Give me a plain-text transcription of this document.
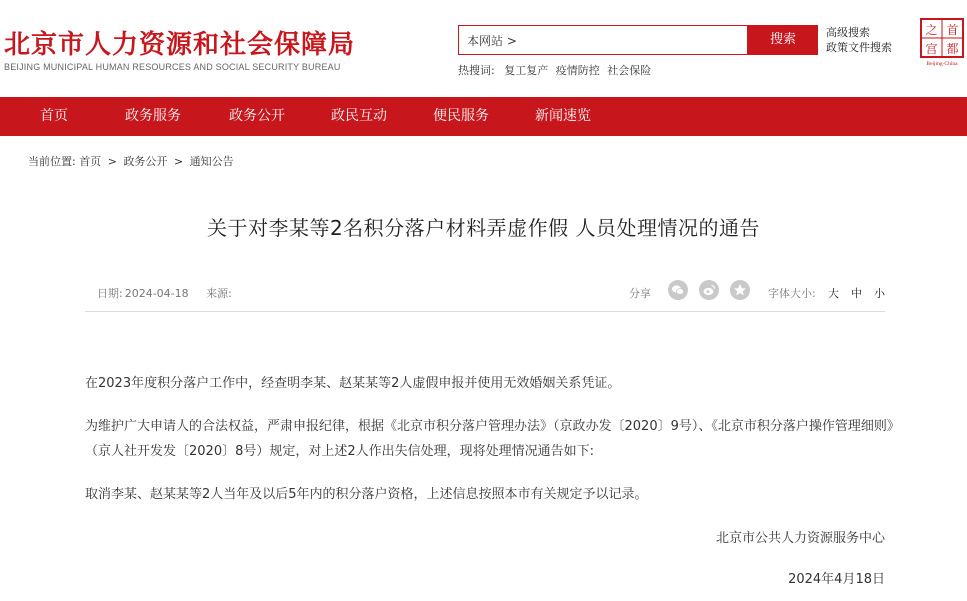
北京市人力资源和社会保障局
BEIJING MUNICIPAL HUMAN RESOURCES AND SOCIAL SECURITY BUREAU
本网站 >	搜索	高级搜索
政策文件搜索
热搜词: 复工复产 疫情防控 社会保险
之 首
宫 都
Beijing·China
首页	政务服务	政务公开	政民互动	便民服务	新闻速览
当前位置: 首页 > 政务公开 > 通知公告
关于对李某等2名积分落户材料弄虚作假 人员处理情况的通告
日期: 2024-04-18 来源:	分享	字体大小: 大 中 小
在2023年度积分落户工作中，经查明李某、赵某某等2人虚假申报并使用无效婚姻关系凭证。
为维护广大申请人的合法权益，严肃申报纪律，根据《北京市积分落户管理办法》（京政办发〔2020〕9号）、《北京市积分落户操作管理细则》（京人社开发发〔2020〕8号）规定，对上述2人作出失信处理，现将处理情况通告如下:
取消李某、赵某某等2人当年及以后5年内的积分落户资格，上述信息按照本市有关规定予以记录。
北京市公共人力资源服务中心
2024年4月18日
